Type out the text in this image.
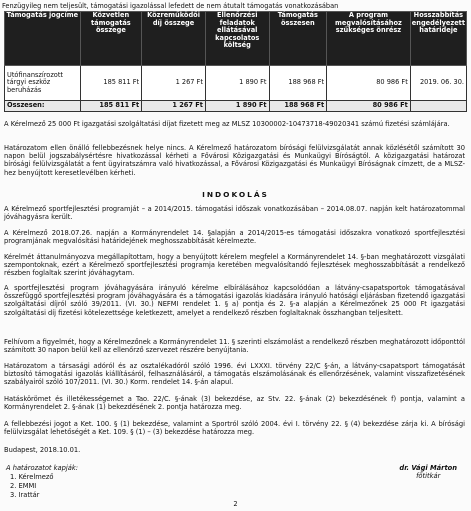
Fenzügyileg nem teljesült, támogatási igazolással lefedett de nem átutalt támogatás vonatkozásában
Támogatás jogcíme	Közvetlen támogatás összege	Közreműködői díj összege	Ellenőrzési feladatok ellátásával kapcsolatos költség	Támogatás összesen	A program megvalósításához szükséges önrész	Hosszabbítás engedélyezett határideje
Utófinanszírozott tárgyi eszköz beruházás	185 811 Ft	1 267 Ft	1 890 Ft	188 968 Ft	80 986 Ft	2019. 06. 30.
Összesen:	185 811 Ft	1 267 Ft	1 890 Ft	188 968 Ft	80 986 Ft	
A Kérelmező 25 000 Ft igazgatási szolgáltatási díjat fizetett meg az MLSZ 10300002-10473718-49020341 számú fizetési számlájára.
Határozatom ellen önálló fellebbezésnek helye nincs. A Kérelmező határozatom bírósági felülvizsgálatát annak közlésétől számított 30 napon belül jogszabálysértésre hivatkozással kérheti a Fővárosi Közigazgatási és Munkaügyi Bíróságtól. A közigazgatási határozat bírósági felülvizsgálatát a fent ügyiratszámra való hivatkozással, a Fővárosi Közigazgatási és Munkaügyi Bíróságnak címzett, de a MLSZ-hez benyújtott keresetlevélben kérheti.
INDOKOLÁS
A Kérelmező sportfejlesztési programját – a 2014/2015. támogatási időszak vonatkozásában – 2014.08.07. napján kelt határozatommal jóváhagyásra került.
A Kérelmező 2018.07.26. napján a Kormányrendelet 14. §alapján a 2014/2015-es támogatási időszakra vonatkozó sportfejlesztési programjának megvalósítási határidejének meghosszabbítását kérelmezte.
Kérelmét áttanulmányozva megállapítottam, hogy a benyújtott kérelem megfelel a Kormányrendelet 14. §-ban meghatározott vizsgálati szempontoknak, ezért a Kérelmező sportfejlesztési programja keretében megvalósítandó fejlesztések meghosszabbítását a rendelkező részben foglaltak szerint jóváhagytam.
A sportfejlesztési program jóváhagyására irányuló kérelme elbírálásához kapcsolódóan a látvány-csapatsportok támogatásával összefüggő sportfejlesztési program jóváhagyására és a támogatási igazolás kiadására irányuló hatósági eljárásban fizetendő igazgatási szolgáltatási díjról szóló 39/2011. (VI. 30.) NEFMI rendelet 1. § a) pontja és 2. §-a alapján a Kérelmezőnek 25 000 Ft igazgatási szolgáltatási díj fizetési kötelezettsége keletkezett, amelyet a rendelkező részben foglaltaknak összhangban teljesített.
Felhívom a figyelmét, hogy a Kérelmezőnek a Kormányrendelet 11. § szerinti elszámolást a rendelkező részben meghatározott időponttól számított 30 napon belül kell az ellenőrző szervezet részére benyújtania.
Határozatom a társasági adóról és az osztalékadóról szóló 1996. évi LXXXI. törvény 22/C §-án, a látvány-csapatsport támogatását biztosító támogatási igazolás kiállításáról, felhasználásáról, a támogatás elszámolásának és ellenőrzésének, valamint visszafizetésének szabályairól szóló 107/2011. (VI. 30.) Korm. rendelet 14. §-án alapul.
Hatáskörömet és illetékességemet a Tao. 22/C. §-ának (3) bekezdése, az Stv. 22. §-ának (2) bekezdésének f) pontja, valamint a Kormányrendelet 2. §-ának (1) bekezdésének 2. pontja határozza meg.
A fellebbezési jogot a Ket. 100. § (1) bekezdése, valamint a Sportról szóló 2004. évi I. törvény 22. § (4) bekezdése zárja ki. A bírósági felülvizsgálat lehetőségét a Ket. 109. § (1) – (3) bekezdése határozza meg.
Budapest, 2018.10.01.
A határozatot kapják:
1. Kérelmező
2. EMMI
3. Irattár
dr. Vági Márton
főtitkár
2
